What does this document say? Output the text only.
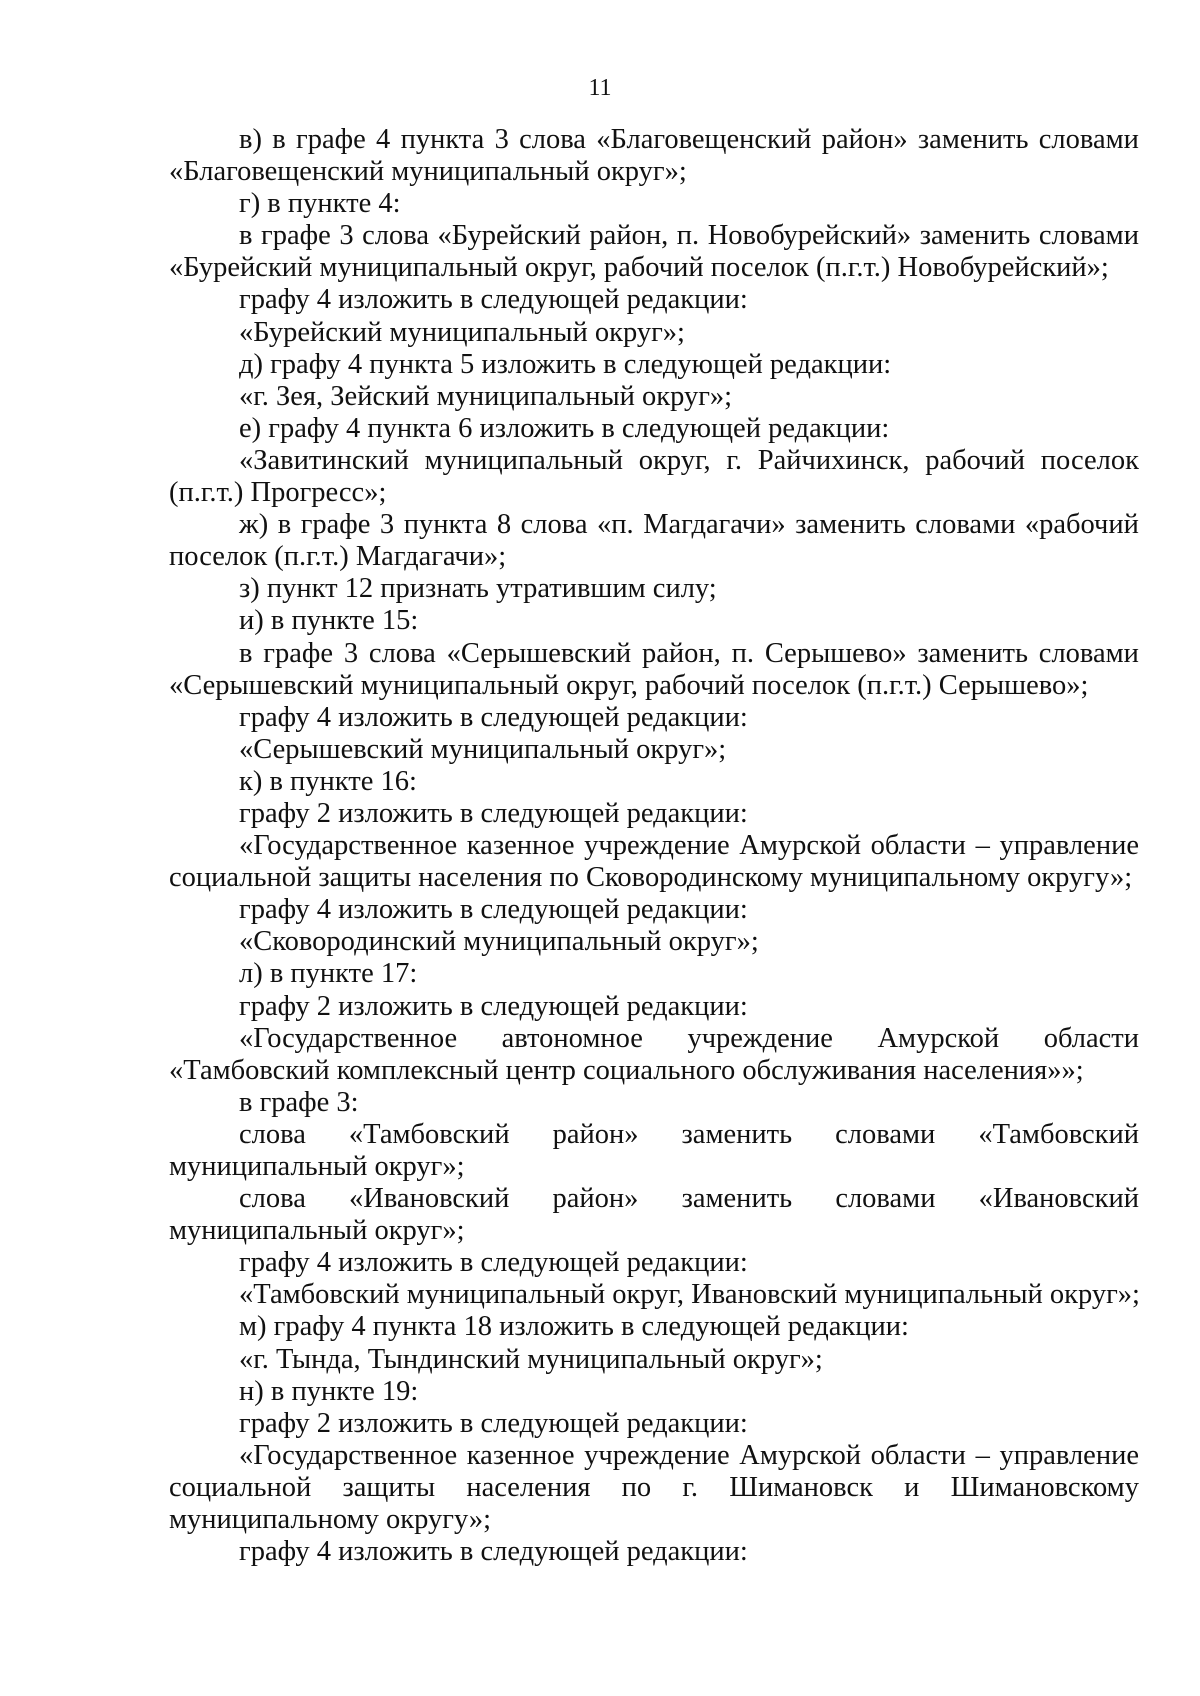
11
в) в графе 4 пункта 3 слова «Благовещенский район» заменить словами
«Благовещенский муниципальный округ»;
г) в пункте 4:
в графе 3 слова «Бурейский район, п. Новобурейский» заменить словами
«Бурейский муниципальный округ, рабочий поселок (п.г.т.) Новобурейский»;
графу 4 изложить в следующей редакции:
«Бурейский муниципальный округ»;
д) графу 4 пункта 5 изложить в следующей редакции:
«г. Зея, Зейский муниципальный округ»;
е) графу 4 пункта 6 изложить в следующей редакции:
«Завитинский муниципальный округ, г. Райчихинск, рабочий поселок
(п.г.т.) Прогресс»;
ж) в графе 3 пункта 8 слова «п. Магдагачи» заменить словами «рабочий
поселок (п.г.т.) Магдагачи»;
з) пункт 12 признать утратившим силу;
и) в пункте 15:
в графе 3 слова «Серышевский район, п. Серышево» заменить словами
«Серышевский муниципальный округ, рабочий поселок (п.г.т.) Серышево»;
графу 4 изложить в следующей редакции:
«Серышевский муниципальный округ»;
к) в пункте 16:
графу 2 изложить в следующей редакции:
«Государственное казенное учреждение Амурской области – управление
социальной защиты населения по Сковородинскому муниципальному округу»;
графу 4 изложить в следующей редакции:
«Сковородинский муниципальный округ»;
л) в пункте 17:
графу 2 изложить в следующей редакции:
«Государственное автономное учреждение Амурской области
«Тамбовский комплексный центр социального обслуживания населения»»;
в графе 3:
слова «Тамбовский район» заменить словами «Тамбовский
муниципальный округ»;
слова «Ивановский район» заменить словами «Ивановский
муниципальный округ»;
графу 4 изложить в следующей редакции:
«Тамбовский муниципальный округ, Ивановский муниципальный округ»;
м) графу 4 пункта 18 изложить в следующей редакции:
«г. Тында, Тындинский муниципальный округ»;
н) в пункте 19:
графу 2 изложить в следующей редакции:
«Государственное казенное учреждение Амурской области – управление
социальной защиты населения по г. Шимановск и Шимановскому
муниципальному округу»;
графу 4 изложить в следующей редакции:
